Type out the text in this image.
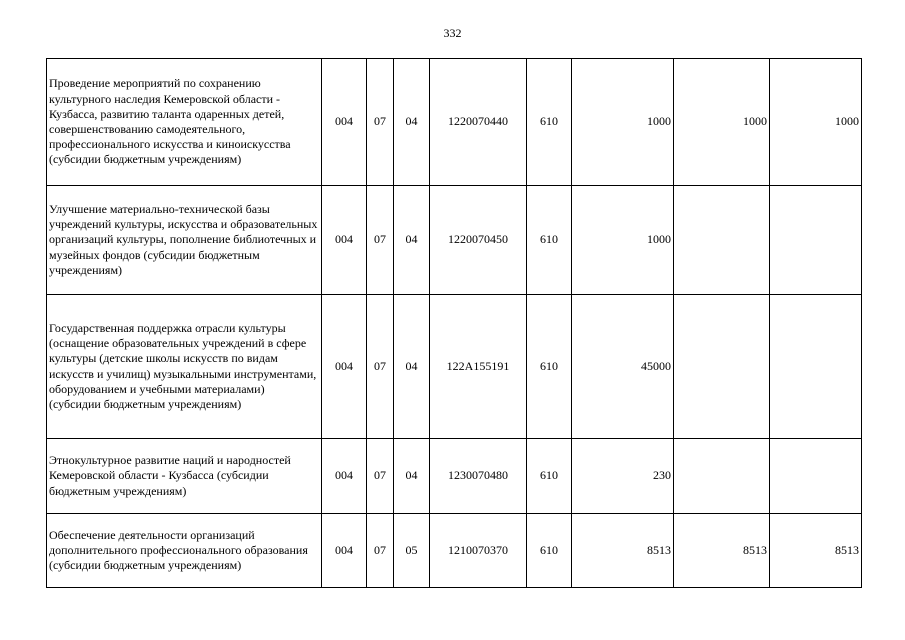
332
Проведение мероприятий по сохранению культурного наследия Кемеровской области - Кузбасса, развитию таланта одаренных детей, совершенствованию самодеятельного, профессионального искусства и киноискусства (субсидии бюджетным учреждениям)	004	07	04	1220070440	610	1000	1000	1000
Улучшение материально-технической базы учреждений культуры, искусства и образовательных организаций культуры, пополнение библиотечных и музейных фондов (субсидии бюджетным учреждениям)	004	07	04	1220070450	610	1000		
Государственная поддержка отрасли культуры (оснащение образовательных учреждений в сфере культуры (детские школы искусств по видам искусств и училищ) музыкальными инструментами, оборудованием и учебными материалами) (субсидии бюджетным учреждениям)	004	07	04	122A155191	610	45000		
Этнокультурное развитие наций и народностей Кемеровской области - Кузбасса (субсидии бюджетным учреждениям)	004	07	04	1230070480	610	230		
Обеспечение деятельности организаций дополнительного профессионального образования (субсидии бюджетным учреждениям)	004	07	05	1210070370	610	8513	8513	8513
